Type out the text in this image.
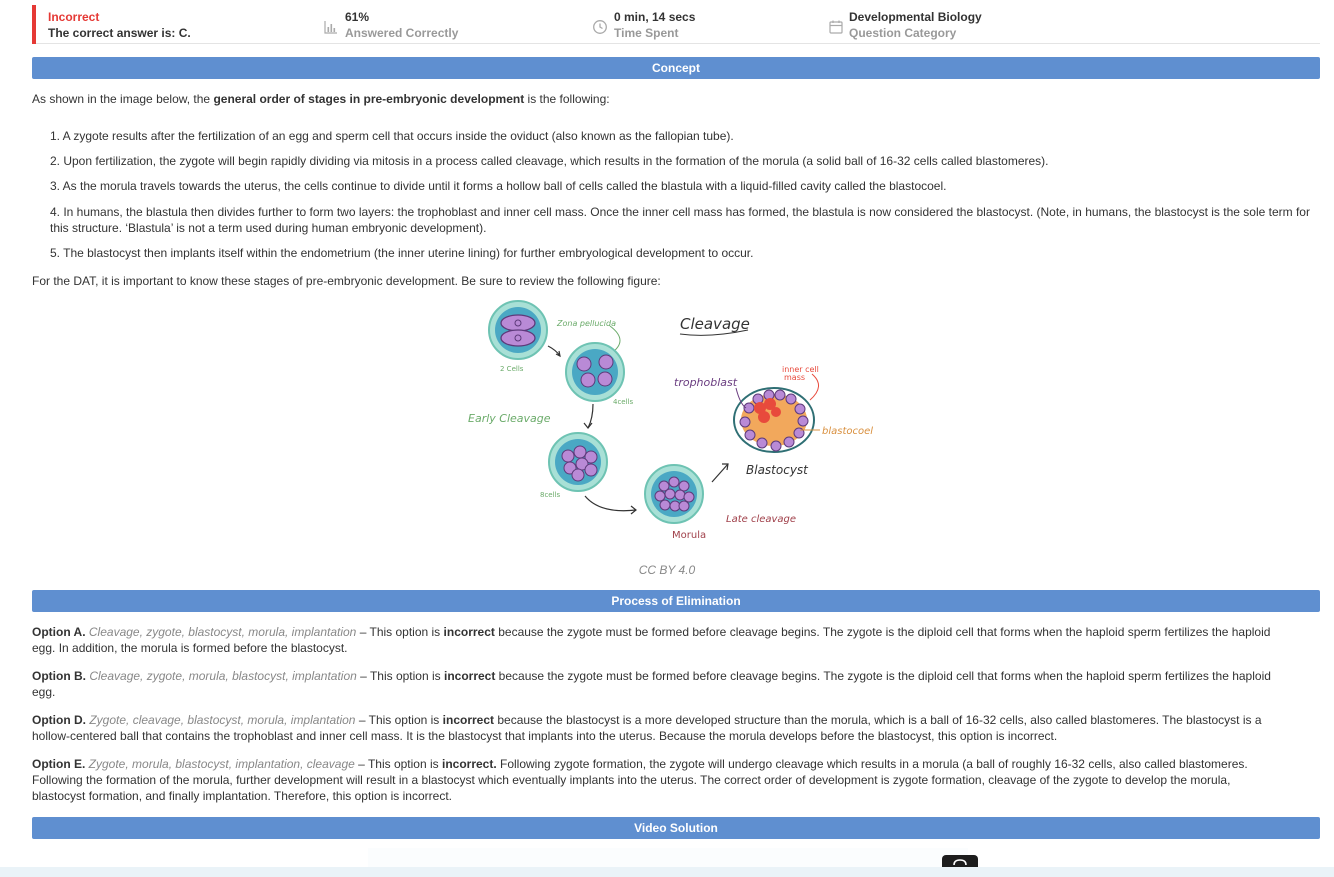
Incorrect
The correct answer is: C.
61%
Answered Correctly
0 min, 14 secs
Time Spent
Developmental Biology
Question Category
Concept
As shown in the image below, the general order of stages in pre-embryonic development is the following:
1. A zygote results after the fertilization of an egg and sperm cell that occurs inside the oviduct (also known as the fallopian tube).
2. Upon fertilization, the zygote will begin rapidly dividing via mitosis in a process called cleavage, which results in the formation of the morula (a solid ball of 16-32 cells called blastomeres).
3. As the morula travels towards the uterus, the cells continue to divide until it forms a hollow ball of cells called the blastula with a liquid-filled cavity called the blastocoel.
4. In humans, the blastula then divides further to form two layers: the trophoblast and inner cell mass. Once the inner cell mass has formed, the blastula is now considered the blastocyst. (Note, in humans, the blastocyst is the sole term for this structure. ‘Blastula’ is not a term used during human embryonic development).
5. The blastocyst then implants itself within the endometrium (the inner uterine lining) for further embryological development to occur.
For the DAT, it is important to know these stages of pre-embryonic development. Be sure to review the following figure:
Zona pellucida
2 Cells
4cells
Early Cleavage
8cells
Morula
Late cleavage
Cleavage
trophoblast
inner cell
mass
blastocoel
Blastocyst
CC BY 4.0
Process of Elimination
Option A. Cleavage, zygote, blastocyst, morula, implantation – This option is incorrect because the zygote must be formed before cleavage begins. The zygote is the diploid cell that forms when the haploid sperm fertilizes the haploid
egg. In addition, the morula is formed before the blastocyst.
Option B. Cleavage, zygote, morula, blastocyst, implantation – This option is incorrect because the zygote must be formed before cleavage begins. The zygote is the diploid cell that forms when the haploid sperm fertilizes the haploid
egg.
Option D. Zygote, cleavage, blastocyst, morula, implantation – This option is incorrect because the blastocyst is a more developed structure than the morula, which is a ball of 16-32 cells, also called blastomeres. The blastocyst is a
hollow-centered ball that contains the trophoblast and inner cell mass. It is the blastocyst that implants into the uterus. Because the morula develops before the blastocyst, this option is incorrect.
Option E. Zygote, morula, blastocyst, implantation, cleavage – This option is incorrect. Following zygote formation, the zygote will undergo cleavage which results in a morula (a ball of roughly 16-32 cells, also called blastomeres.
Following the formation of the morula, further development will result in a blastocyst which eventually implants into the uterus. The correct order of development is zygote formation, cleavage of the zygote to develop the morula,
blastocyst formation, and finally implantation. Therefore, this option is incorrect.
Video Solution
